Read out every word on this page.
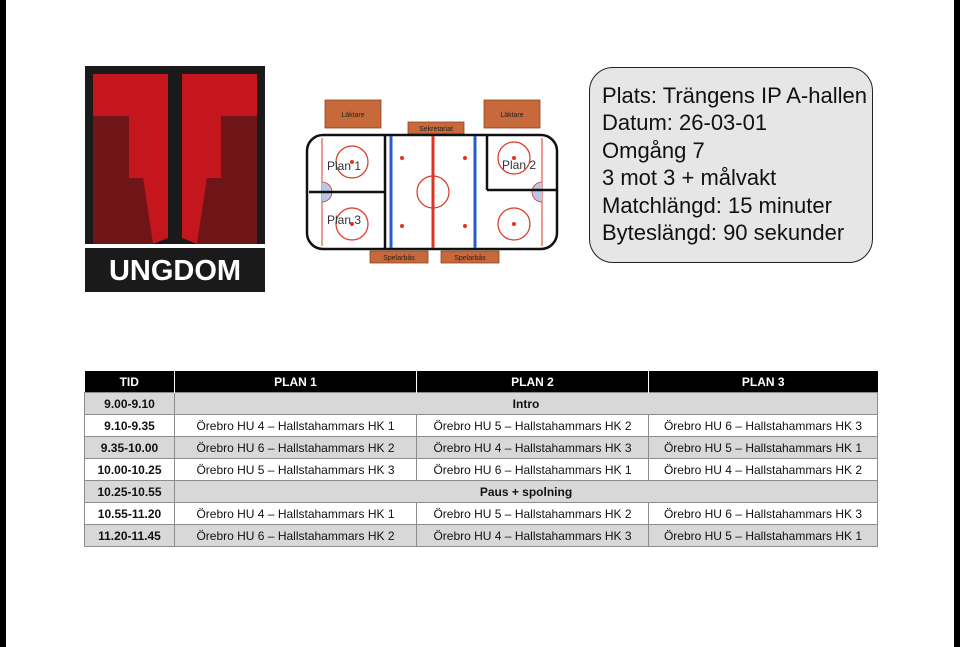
UNGDOM
Läktare	Läktare
Sekretariat
Plan 1	Plan 2
Plan 3
Spelarbås	Spelarbås
Plats: Trängens IP A-hallen
Datum: 26-03-01
Omgång 7
3 mot 3 + målvakt
Matchlängd: 15 minuter
Byteslängd: 90 sekunder
TID	PLAN 1	PLAN 2	PLAN 3
9.00-9.10	Intro		
9.10-9.35	Örebro HU 4 – Hallstahammars HK 1	Örebro HU 5 – Hallstahammars HK 2	Örebro HU 6 – Hallstahammars HK 3
9.35-10.00	Örebro HU 6 – Hallstahammars HK 2	Örebro HU 4 – Hallstahammars HK 3	Örebro HU 5 – Hallstahammars HK 1
10.00-10.25	Örebro HU 5 – Hallstahammars HK 3	Örebro HU 6 – Hallstahammars HK 1	Örebro HU 4 – Hallstahammars HK 2
10.25-10.55	Paus + spolning		
10.55-11.20	Örebro HU 4 – Hallstahammars HK 1	Örebro HU 5 – Hallstahammars HK 2	Örebro HU 6 – Hallstahammars HK 3
11.20-11.45	Örebro HU 6 – Hallstahammars HK 2	Örebro HU 4 – Hallstahammars HK 3	Örebro HU 5 – Hallstahammars HK 1
